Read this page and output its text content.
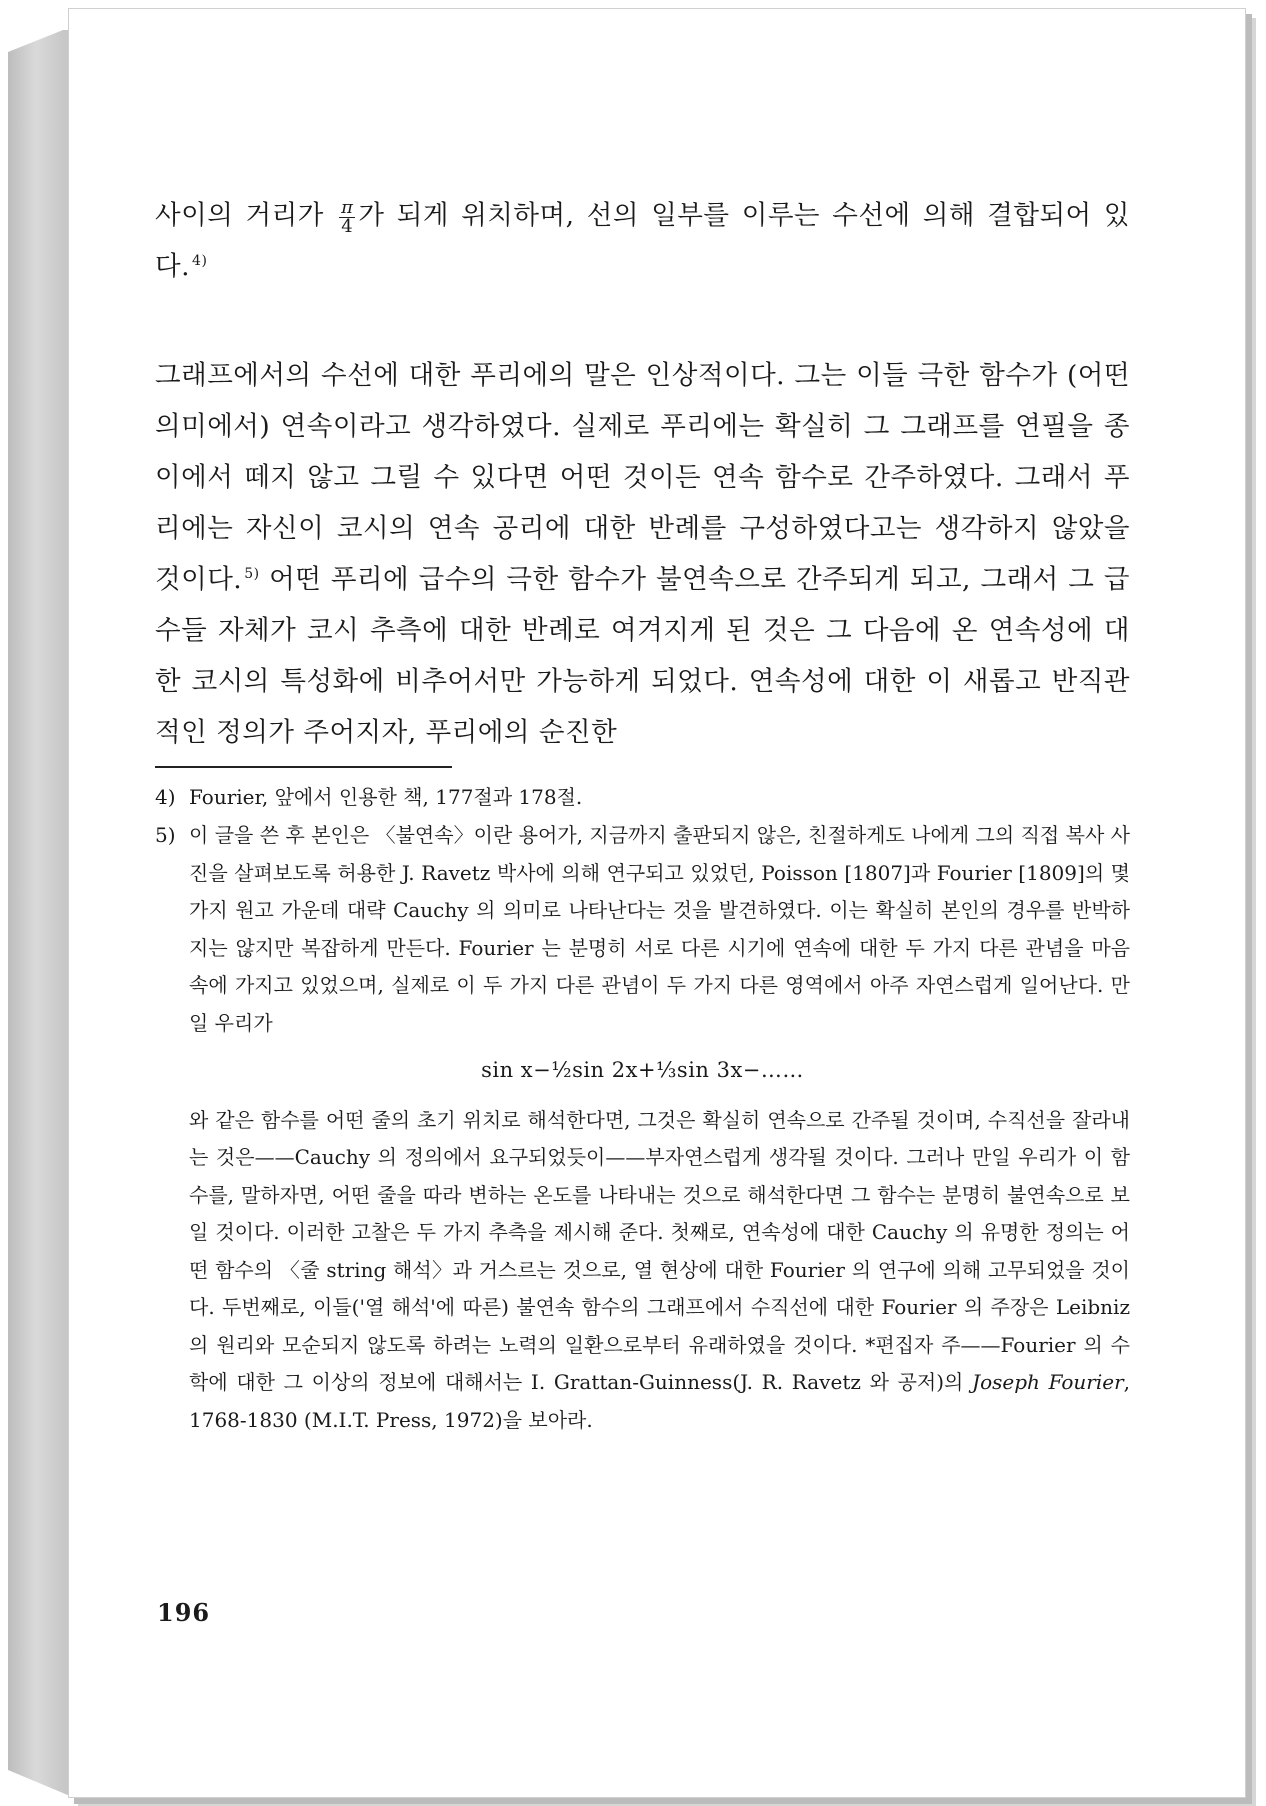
사이의 거리가 $\frac{\pi}{4}$ 가 되게 위치하며, 선의 일부를 이루는 수선에 의해 결합되어 있다. $^{4)}$
그래프에서의 수선에 대한 푸리에의 말은 인상적이다. 그는 이들 극한 함수가 (어떤 의미에서) 연속이라고 생각하였다. 실제로 푸리에는 확실히 그 그래프를 연필을 종이에서 떼지 않고 그릴 수 있다면 어떤 것이든 연속 함수로 간주하였다. 그래서 푸리에는 자신이 코시의 연속 공리에 대한 반례를 구성하였다고는 생각하지 않았을 것이다. $^{5)}$ 어떤 푸리에 급수의 극한 함수가 불연속으로 간주되게 되고, 그래서 그 급수들 자체가 코시 추측에 대한 반례로 여겨지게 된 것은 그 다음에 온 연속성에 대한 코시의 특성화에 비추어서만 가능하게 되었다. 연속성에 대한 이 새롭고 반직관적인 정의가 주어지자, 푸리에의 순진한
4) Fourier, 앞에서 인용한 책, 177절과 178절.
5) 이 글을 쓴 후 본인은 〈불연속〉이란 용어가, 지금까지 출판되지 않은, 친절하게도 나에게 그의 직접 복사 사진을 살펴보도록 허용한 J. Ravetz 박사에 의해 연구되고 있었던, Poisson [1807]과 Fourier [1809]의 몇 가지 원고 가운데 대략 Cauchy 의 의미로 나타난다는 것을 발견하였다. 이는 확실히 본인의 경우를 반박하지는 않지만 복잡하게 만든다. Fourier 는 분명히 서로 다른 시기에 연속에 대한 두 가지 다른 관념을 마음 속에 가지고 있었으며, 실제로 이 두 가지 다른 관념이 두 가지 다른 영역에서 아주 자연스럽게 일어난다. 만일 우리가
sin x−½sin 2x+⅓sin 3x−……
와 같은 함수를 어떤 줄의 초기 위치로 해석한다면, 그것은 확실히 연속으로 간주될 것이며, 수직선을 잘라내는 것은——Cauchy 의 정의에서 요구되었듯이——부자연스럽게 생각될 것이다. 그러나 만일 우리가 이 함수를, 말하자면, 어떤 줄을 따라 변하는 온도를 나타내는 것으로 해석한다면 그 함수는 분명히 불연속으로 보일 것이다. 이러한 고찰은 두 가지 추측을 제시해 준다. 첫째로, 연속성에 대한 Cauchy 의 유명한 정의는 어떤 함수의 〈줄 string 해석〉과 거스르는 것으로, 열 현상에 대한 Fourier 의 연구에 의해 고무되었을 것이다. 두번째로, 이들('열 해석'에 따른) 불연속 함수의 그래프에서 수직선에 대한 Fourier 의 주장은 Leibniz 의 원리와 모순되지 않도록 하려는 노력의 일환으로부터 유래하였을 것이다. *편집자 주——Fourier 의 수학에 대한 그 이상의 정보에 대해서는 I. Grattan-Guinness(J. R. Ravetz 와 공저)의 Joseph Fourier, 1768-1830 (M.I.T. Press, 1972)을 보아라.
196
